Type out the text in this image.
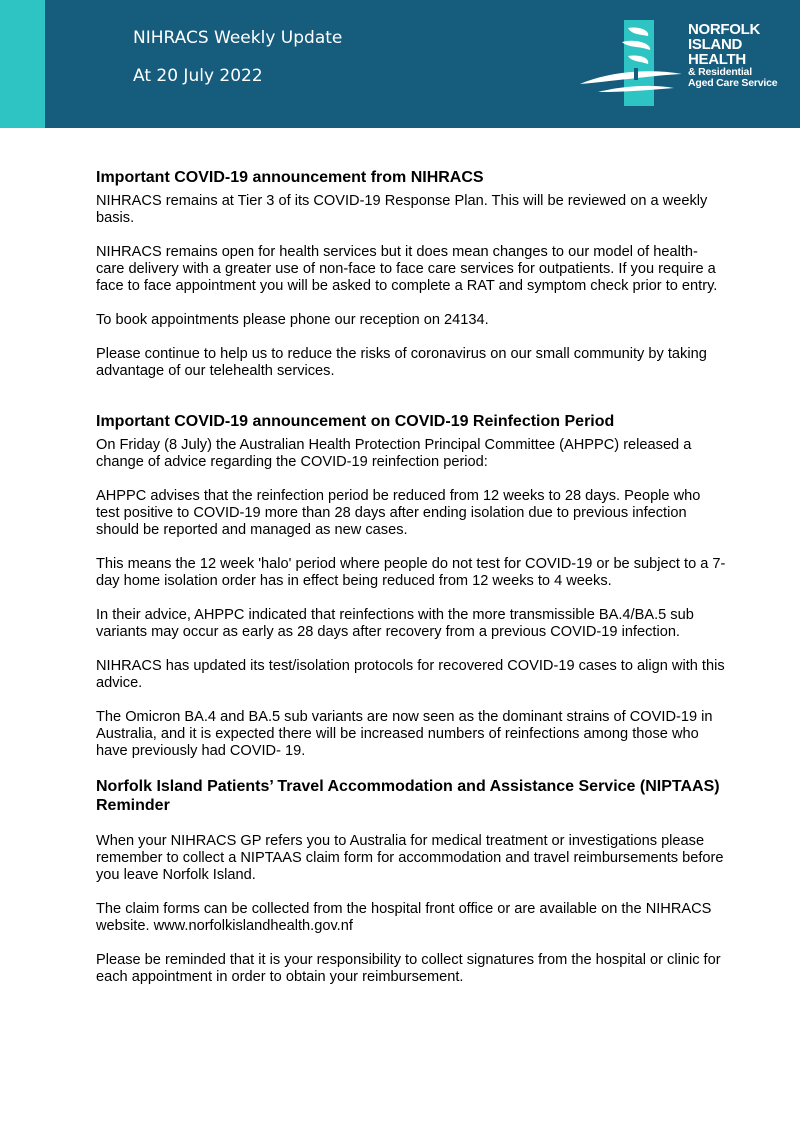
NIHRACS Weekly Update
At 20 July 2022
NORFOLK
ISLAND
HEALTH
& Residential
Aged Care Service
Important COVID-19 announcement from NIHRACS

NIHRACS remains at Tier 3 of its COVID-19 Response Plan. This will be reviewed on a weekly basis.

NIHRACS remains open for health services but it does mean changes to our model of health-care delivery with a greater use of non-face to face care services for outpatients. If you require a face to face appointment you will be asked to complete a RAT and symptom check prior to entry.

To book appointments please phone our reception on 24134.

Please continue to help us to reduce the risks of coronavirus on our small community by taking advantage of our telehealth services.

Important COVID-19 announcement on COVID-19 Reinfection Period

On Friday (8 July) the Australian Health Protection Principal Committee (AHPPC) released a change of advice regarding the COVID-19 reinfection period:

AHPPC advises that the reinfection period be reduced from 12 weeks to 28 days. People who test positive to COVID-19 more than 28 days after ending isolation due to previous infection should be reported and managed as new cases.

This means the 12 week 'halo' period where people do not test for COVID-19 or be subject to a 7-day home isolation order has in effect being reduced from 12 weeks to 4 weeks.

In their advice, AHPPC indicated that reinfections with the more transmissible BA.4/BA.5 sub variants may occur as early as 28 days after recovery from a previous COVID-19 infection.

NIHRACS has updated its test/isolation protocols for recovered COVID-19 cases to align with this advice.

The Omicron BA.4 and BA.5 sub variants are now seen as the dominant strains of COVID-19 in Australia, and it is expected there will be increased numbers of reinfections among those who have previously had COVID- 19.

Norfolk Island Patients’ Travel Accommodation and Assistance Service (NIPTAAS) Reminder

When your NIHRACS GP refers you to Australia for medical treatment or investigations please remember to collect a NIPTAAS claim form for accommodation and travel reimbursements before you leave Norfolk Island.

The claim forms can be collected from the hospital front office or are available on the NIHRACS website. www.norfolkislandhealth.gov.nf

Please be reminded that it is your responsibility to collect signatures from the hospital or clinic for each appointment in order to obtain your reimbursement.
